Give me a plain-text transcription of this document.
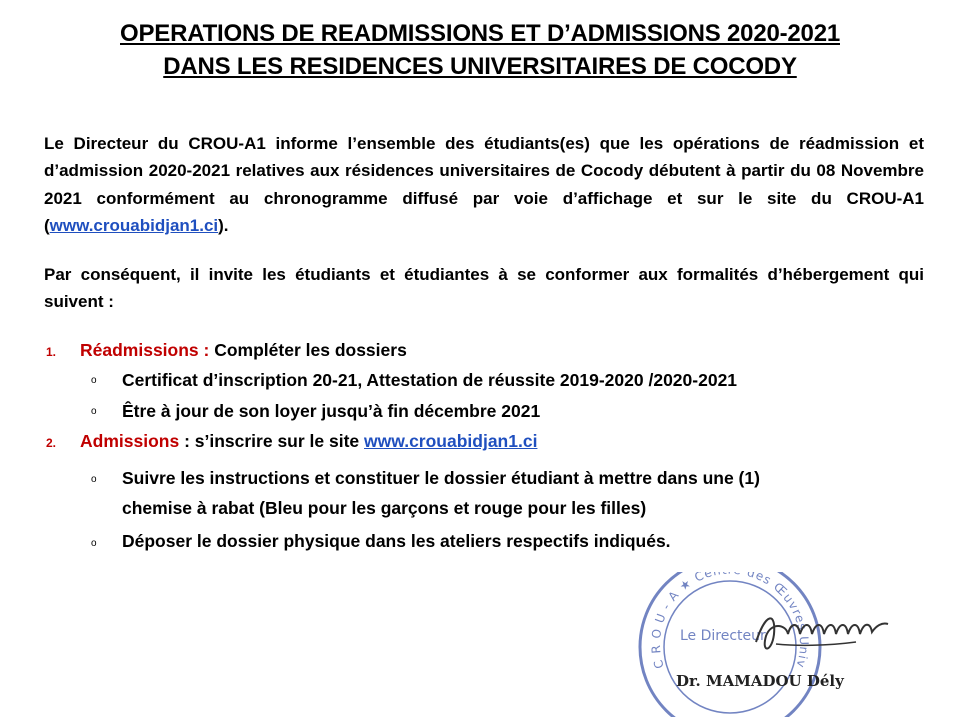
OPERATIONS DE READMISSIONS ET D’ADMISSIONS 2020-2021
DANS LES RESIDENCES UNIVERSITAIRES DE COCODY
Le Directeur du CROU-A1 informe l’ensemble des étudiants(es) que les opérations de réadmission et d’admission 2020-2021 relatives aux résidences universitaires de Cocody débutent à partir du 08 Novembre 2021 conformément au chronogramme diffusé par voie d’affichage et sur le site du CROU-A1 (www.crouabidjan1.ci).
Par conséquent, il invite les étudiants et étudiantes à se conformer aux formalités d’hébergement qui suivent :
1. Réadmissions : Compléter les dossiers
o Certificat d’inscription 20-21, Attestation de réussite 2019-2020 /2020-2021
o Être à jour de son loyer jusqu’à fin décembre 2021
2. Admissions : s’inscrire sur le site www.crouabidjan1.ci
o Suivre les instructions et constituer le dossier étudiant à mettre dans une (1)
chemise à rabat (Bleu pour les garçons et rouge pour les filles)
o Déposer le dossier physique dans les ateliers respectifs indiqués.
C R O U - A ★ Ce des Œuvres Univ
Le Directeur
Dr. MAMADOU Dély
